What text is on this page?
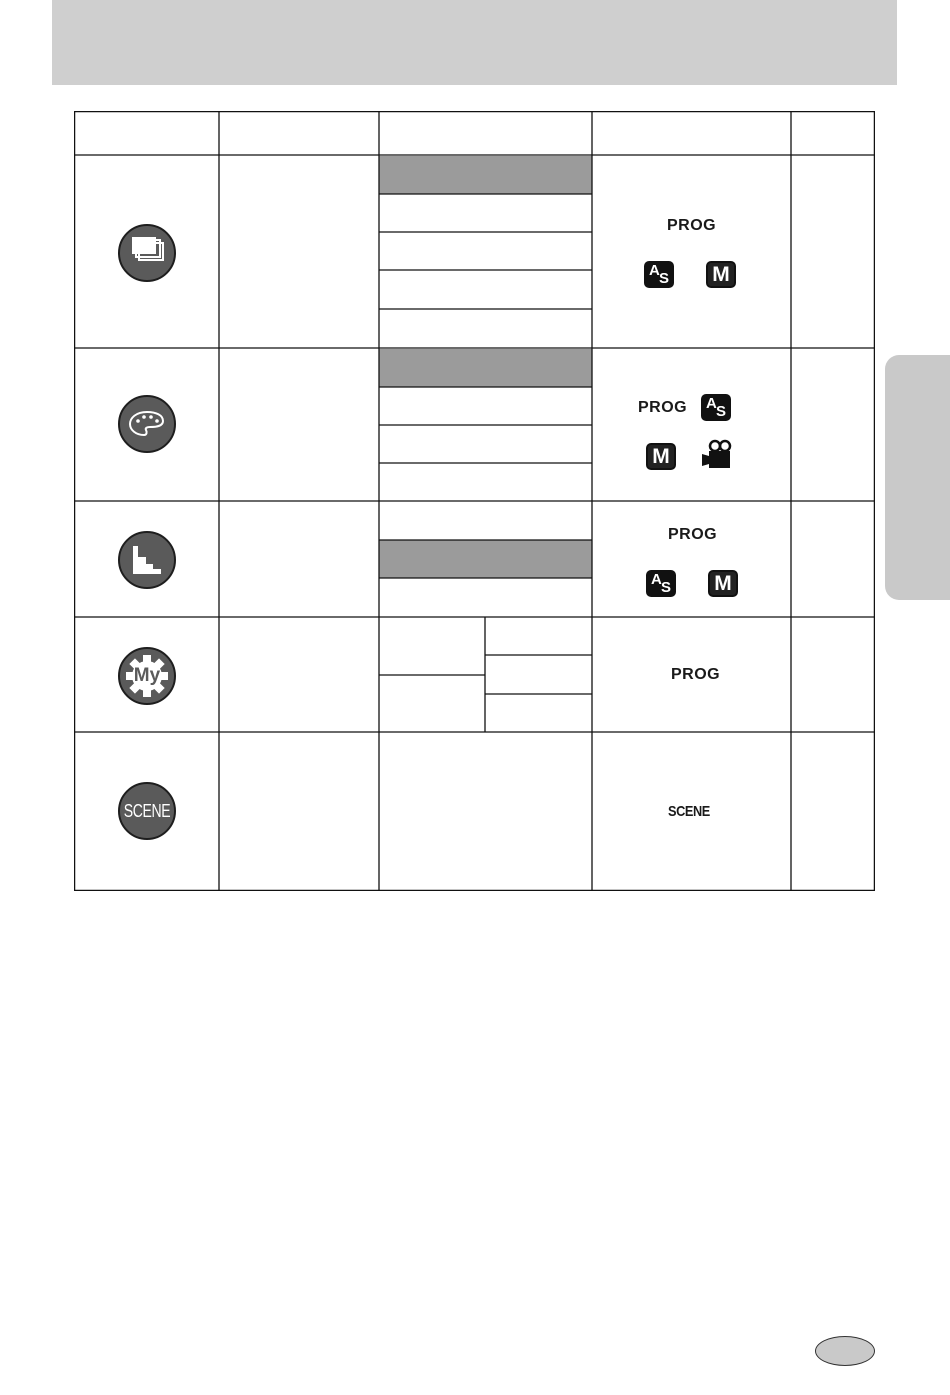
PROG
A S M
PROG A S
M
PROG
A S M
My	PROG
SCENE	SCENE
